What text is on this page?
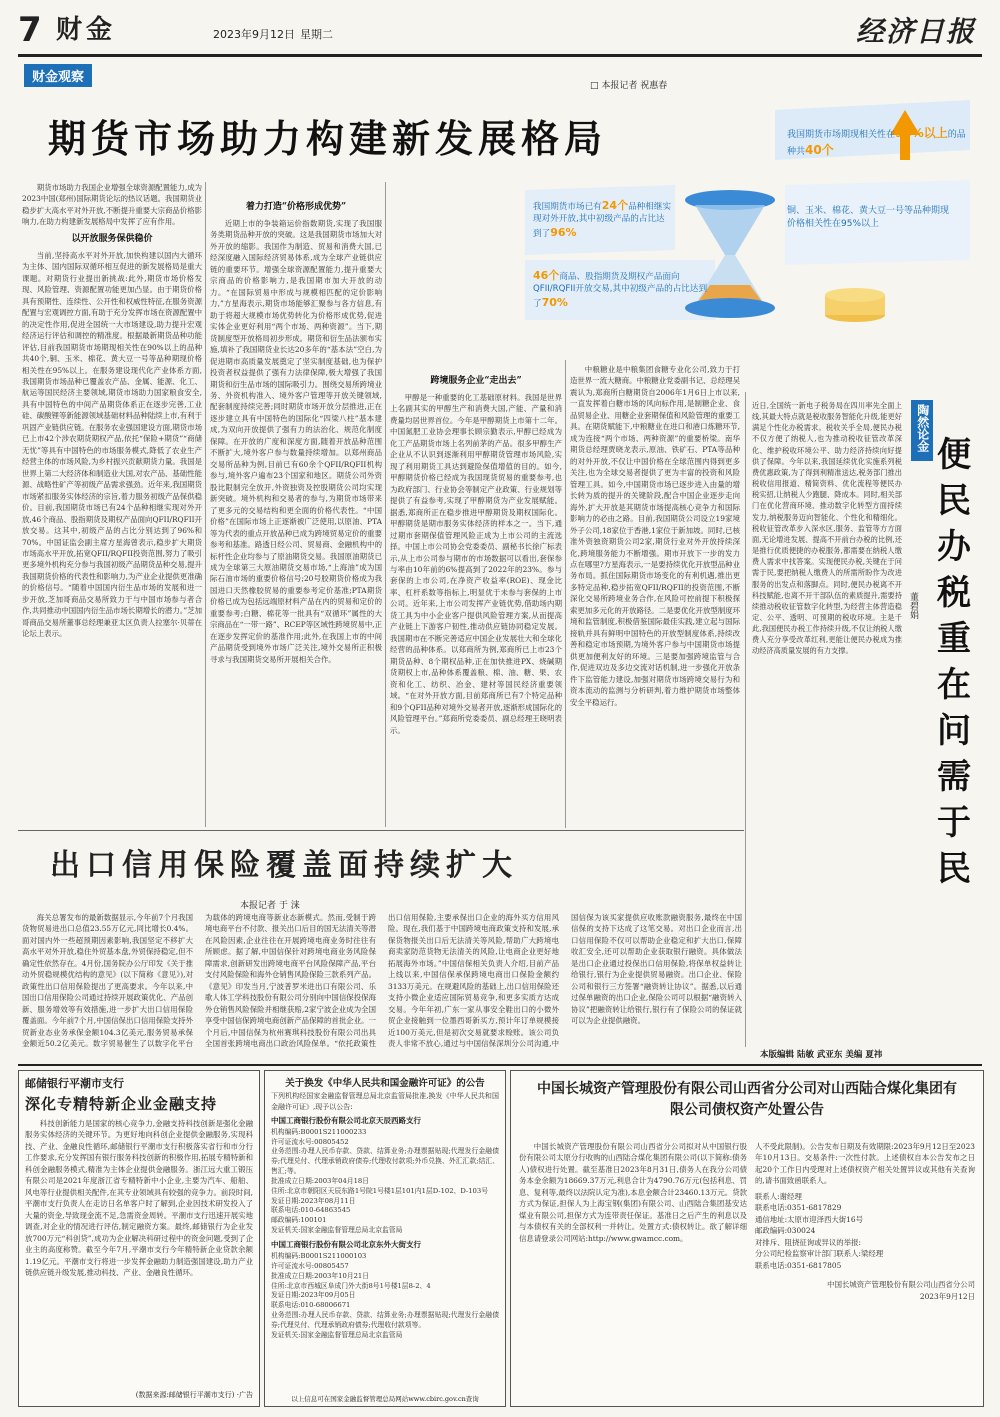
7 财金	2023年9月12日 星期二	经济日报
财金观察
□ 本报记者 祝惠春
期货市场助力构建新发展格局	我国期货市场期现相关性在90%以上的品种共40个
铜、玉米、棉花、黄大豆一号等品种期现价格相关性在95%以上
我国期货市场已有24个品种相继实现对外开放,其中初级产品的占比达到了96%
46个商品、股指期货及期权产品面向QFII/RQFII开放交易,其中初级产品的占比达到了70%

期货市场助力我国企业增强全球资源配置能力,成为2023中国(郑州)国际期货论坛的热议话题。我国期货业稳步扩大高水平对外开放,不断提升重要大宗商品价格影响力,在助力构建新发展格局中发挥了应有作用。

以开放服务保供稳价

当前,坚持高水平对外开放,加快构建以国内大循环为主体、国内国际双循环相互促进的新发展格局是重大课题。对期货行业提出新挑战:此外,期货市场价格发现、风险管理、资源配置功能更加凸显。由于期货价格具有预期性、连续性、公开性和权威性特征,在服务资源配置与宏观调控方面,有助于充分发挥市场在资源配置中的决定性作用,促进全国统一大市场建设,助力提升宏观经济运行评估和调控的精准度。根据最新期货品种功能评估,目前我国期货市场期现相关性在90%以上的品种共40个,铜、玉米、棉花、黄大豆一号等品种期现价格相关性在95%以上。在服务建设现代化产业体系方面,我国期货市场品种已覆盖农产品、金属、能源、化工、航运等国民经济主要领域,期货市场助力国家粮食安全,具有中国特色的中间产品期货体系正在逐步完善,工业硅、碳酸锂等新能源领域基础材料品种陆续上市,有利于巩固产业链供应链。在服务农业强国建设方面,期货市场已上市42个涉农期货期权产品,依托“保险+期货”“商储无忧”等具有中国特色的市场服务模式,降低了农业生产经营主体的市场风险,为乡村振兴贡献期货力量。我国是世界上第二大经济体和制造业大国,对农产品、基础性能源、战略性矿产等初级产品需求强劲。近年来,我国期货市场紧扣服务实体经济的宗旨,着力服务初级产品保供稳价。目前,我国期货市场已有24个品种相继实现对外开放,46个商品、股指期货及期权产品面向QFII/RQFII开放交易。这其中,初级产品的占比分别达到了96%和70%。中国证监会副主席方星海曾表示,稳步扩大期货市场高水平开放,拓宽QFII/RQFII投资范围,努力了吸引更多境外机构充分参与我国初级产品期货品种交易,提升我国期货价格的代表性和影响力,为产业企业提供更准确的价格信号。“随着中国国内衍生品市场的发展和进一步开放,芝加哥商品交易所致力于与中国市场参与者合作,共同推动中国国内衍生品市场长期增长的潜力。”芝加哥商品交易所董事总经理兼亚太区负责人拉塞尔·贝蒂在论坛上表示。

着力打造“价格形成优势”

近期上市的争装箱运价指数期货,实现了我国服务类期货品种开放的突破。这是我国期货市场加大对外开放的缩影。我国作为制造、贸易和消费大国,已经深度融入国际经济贸易体系,成为全球产业链供应链的重要环节。增强全球资源配置能力,提升重要大宗商品的价格影响力,是我国期市加大开放的动力。“在国际贸易中形成与规模相匹配的定价影响力,”方星海表示,期货市场能够汇聚参与各方信息,有助于将超大规模市场优势转化为价格形成优势,促进实体企业更好利用“两个市场、两种资源”。当下,期货制度型开放格局初步形成。期货和衍生品法颁布实施,填补了我国期货业长达20多年的“基本法”空白,为促进期市高质量发展奠定了坚实制度基础,也为保护投资者权益提供了强有力法律保障,极大增强了我国期货和衍生品市场的国际吸引力。围绕交易所跨境业务、外资机构准入、境外客户管理等开放关键领域,配套制度持续完善;同时期货市场开放分层推进,正在逐步建立具有中国特色的国际化“四梁八柱”基本建成,为双向开放提供了强有力的法治化、规范化制度保障。在开放的广度和深度方面,随着开放品种范围不断扩大,境外客户参与数量持续增加。以郑州商品交易所品种为例,目前已有60余个QFII/RQFII机构参与,境外客户遍布23个国家和地区。期货公司外资股比限制完全放开,外资独资及控股期货公司均实现新突破。境外机构和交易者的参与,为期货市场带来了更多元的交易结构和更全面的价格代表性。“中国价格”在国际市场上正逐渐被广泛使用,以原油、PTA等为代表的重点开放品种已成为跨境贸易定价的重要参考和基准。路透日经公司、贸易商、金融机构中的标杆性企业均参与了原油期货交易。我国原油期货已成为全球第三大原油期货交易市场,“上海油”成为国际石油市场的重要价格信号;20号胶期货价格成为我国进口天然橡胶贸易的重要参考定价基准;PTA期货价格已成为包括远端原材料产品在内的贸易和定价的重要参考;白糖、棉花等一批具有“双循环”属性的大宗商品在“一带一路”、RCEP等区域性跨境贸易中,正在逐步发挥定价的基准作用;此外,在我国上市的中间产品期货受到境外市场广泛关注,境外交易所正积极寻求与我国期货交易所开展相关合作。

跨境服务企业“走出去”

甲醇是一种重要的化工基础原材料。我国是世界上名副其实的甲醇生产和消费大国,产能、产量和消费量均居世界首位。今年是甲醇期货上市第十二年。中国氮肥工业协会理事长顾宗勤表示,甲醇已经成为化工产品期货市场上名列前茅的产品。很多甲醇生产企业从不认识到逐渐利用甲醇期货管理市场风险,实现了利用期货工具达到避险保值增值的目的。如今,甲醇期货价格已经成为我国现货贸易的重要参考,也为政府部门、行业协会等制定产业政策、行业规划等提供了有益参考,实现了甲醇期货为产业发展赋能。据悉,郑商所正在稳步推进甲醇期货及期权国际化。甲醇期货是期市服务实体经济的样本之一。当下,通过期市套期保值管理风险正成为上市公司的主流选择。中国上市公司协会党委委员、副秘书长徐广标表示,从上市公司参与期市的市场数据可以看出,套保参与率由10年前的6%提高到了2022年的23%。参与套保的上市公司,在净资产收益率(ROE)、现金比率、杠杆系数等指标上,明显优于未参与套保的上市公司。近年来,上市公司发挥产业链优势,借助场内期货工具为中小企业客户提供风险管理方案,从而提高产业链上下游客户韧性,推动供应链协同稳定发展。我国期市在不断完善适应中国企业发展壮大和全球化经营的品种体系。以郑商所为例,郑商所已上市23个期货品种、8个期权品种,正在加快推进PX、烧碱期货期权上市,品种体系覆盖粮、棉、油、糖、果、农资和化工、纺织、冶金、建材等国民经济重要领域。“在对外开放方面,目前郑商所已有7个特定品种和9个QFII品种对境外交易者开放,逐渐形成国际化的风险管理平台。”郑商所党委委员、副总经理王晓明表示。

中粮糖业是中粮集团食糖专业化公司,致力于打造世界一流大糖商。中粮糖业党委副书记、总经理吴震认为,郑商所白糖期货自2006年1月6日上市以来,一直发挥着白糖市场的风向标作用,是制糖企业、食品贸易企业、用糖企业套期保值和风险管理的重要工具。在期货赋能下,中粮糖业在进口和港口炼糖环节,成为连接“两个市场、两种资源”的重要桥梁。南华期货总经理贾晓龙表示,原油、铁矿石、PTA等品种的对外开放,不仅让中国价格在全球范围内得到更多关注,也为全球交易者提供了更为丰富的投资和风险管理工具。如今,中国期货市场已逐步进入由量的增长转为质的提升的关键阶段,配合中国企业逐步走向海外,扩大开放是其期货市场提高核心竞争力和国际影响力的必由之路。目前,我国期货公司设立19家境外子公司,18家位于香港,1家位于新加坡。同时,已核准外资独资期货公司2家,期货行业对外开放持续深化,跨境服务能力不断增强。期市开放下一步的发力点在哪里?方星海表示,一是要持续优化开放型品种业务布局。抓住国际期货市场变化的有利机遇,推出更多特定品种,稳步拓宽QFII/RQFII的投资范围,不断深化交易所跨境业务合作,在风险可控前提下积极探索更加多元化的开放路径。二是要优化开放型制度环境和监管制度,积极借鉴国际最佳实践,建立起与国际接轨并具有鲜明中国特色的开放型制度体系,持续改善和稳定市场预期,为境外客户参与中国期货市场提供更加便利友好的环境。三是要加强跨境监管与合作,促进双边及多边交流对话机制,进一步强化开放条件下监管能力建设,加强对期货市场跨境交易行为和资本流动的监测与分析研判,着力维护期货市场整体安全平稳运行。

近日,全国统一新电子税务局在四川率先全面上线,其最大特点就是税收服务智能化升级,能更好满足个性化办税需求。税收关乎全局,便民办税不仅方便了纳税人,也为推动税收征管改革深化、维护税收环境公平、助力经济持续向好提供了保障。今年以来,我国延续优化实施系列税费优惠政策,为了得到利精准送达,税务部门推出税收信用报道、精简资料、优化流程等便民办税实招,让纳税人少跑腿、降成本。同时,相关部门在优化营商环境、推动数字化转型方面持续发力,纳税服务迈向智能化、个性化和精细化。税收征管改革步入深水区,服务、监管等方方面面,无论增进发展、提高不开前台办税的比例,还是推行优质便捷的办税服务,都需要在纳税人缴费人需求中找答案。实现便民办税,关键在于问需于民,要把纳税人缴费人的所需所盼作为改进服务的出发点和落脚点。同时,便民办税离不开科技赋能,也离不开干部队伍的素质提升,需要持续推动税收征管数字化转型,为经营主体营造稳定、公平、透明、可预期的税收环境。主是千此,我国便民办税工作持续升级,不仅让纳税人缴费人充分享受改革红利,更能让便民办税成为推动经济高质量发展的有力支撑。
陶然论金
便
民
办
税
重
在
问
需
于
民
董碧娟
本版编辑 陆敏 武亚东 美编 夏祎
出口信用保险覆盖面持续扩大
本报记者 于 涞
海关总署发布的最新数据显示,今年前7个月我国货物贸易进出口总值23.55万亿元,同比增长0.4%。面对国内外一些超预期因素影响,我国坚定不移扩大高水平对外开放,稳住外贸基本盘,外贸保持稳定,但不确定性依然存在。4月份,国务院办公厅印发《关于推动外贸稳规模优结构的意见》(以下简称《意见》),对政策性出口信用保险提出了更高要求。今年以来,中国出口信用保险公司通过持续开展政策优化、产品创新、服务增效等有效措施,进一步扩大出口信用保险覆盖面。今年前7个月,中国信保出口信用保险支持外贸新业态业务承保金额104.3亿美元,服务贸易承保金额近50.2亿美元。数字贸易催生了以数字化平台为载体的跨境电商等新业态新模式。然而,受制于跨境电商平台不付款、报关出口后目的国无法清关等潜在风险因素,企业往往在开展跨境电商业务时往往有所顾虑。据了解,中国信保针对跨境电商业务风险保障需求,创新研发出跨境电商平台风险保障产品,平台支付风险保险和海外仓销售风险保险三款系列产品。《意见》印发当月,宁波普罗米进出口有限公司、乐歌人体工学科技股份有限公司分别向中国信保投保海外仓销售风险保险并相继获赔,2家宁波企业成为全国享受中国信保跨境电商创新产品保障的首批企业。一个月后,中国信保为杭州赛琪科技股份有限公司出具全国首张跨境电商出口政治风险保单。“依托政策性出口信用保险,主要承保出口企业的海外买方信用风险。现在,我们基于中国跨境电商政策支持和发展,承保货物报关出口后无法清关等风险,帮助广大跨境电商卖家防范货物无法清关的风险,让电商企业更好地拓展海外市场。”中国信保相关负责人介绍,目前产品上线以来,中国信保承保跨境电商出口保险金额约3133万美元。在规避风险的基础上,出口信用保险还支持小微企业适应国际贸易竞争,和更多实质方达成交易。今年年初,广东一家从事安全鞋出口的小微外贸企业接触到一位墨西哥新买方,预计年订单规模接近100万美元,但是初次交易就要求赊账。该公司负责人非常不放心,通过与中国信保深圳分公司沟通,中国信保为该买家提供应收账款融资服务,最终在中国信保的支持下达成了这笔交易。对出口企业而言,出口信用保险不仅可以帮助企业稳定和扩大出口,保障收汇安全,还可以帮助企业获取银行融资。具体做法是出口企业通过投保出口信用保险,将保单权益转让给银行,银行为企业提供贸易融资。出口企业、保险公司和银行三方签署“融资转让协议”。据悉,以后通过保单融资的出口企业,保险公司可以根据“融资转入协议”把融资转让给银行,银行有了保险公司的保证就可以为企业提供融资。
邮储银行平潮市支行
深化专精特新企业金融支持
科技创新能力是国家的核心竞争力,金融支持科技创新是强化金融服务实体经济的关键环节。为更好地向科创企业提供金融服务,实现科技、产业、金融良性循环,邮储银行平潮市支行积极落实省行和市分行工作要求,充分发挥国有银行服务科技创新的积极作用,拓展专精特新和科创金融服务模式,精准为主体企业提供金融服务。浙江远大重工锻压有限公司是2021年度浙江省专精特新中小企业,主要为汽车、船舶、风电等行业提供相关配件,在其专业领域具有较强的竞争力。前段时间,平潮市支行负责人在走访日名单客户时了解到,企业因技术研发投入了大量的资金,导致现金流不足,急需资金周转。平潮市支行迅速开展实地调查,对企业的情况进行评估,制定融资方案。最终,邮储银行为企业发放700万元“科创贷”,成功为企业解决科研过程中的资金问题,受到了企业主的高度称赞。截至今年7月,平潮市支行今年精特新企业贷款余额1.19亿元。平潮市支行将进一步发挥金融助力制造强国建设,助力产业链供应链升级发展,推动科技、产业、金融良性循环。
(数据来源:邮储银行平潮市支行) ·广告
关于换发《中华人民共和国金融许可证》的公告
下列机构经国家金融监督管理总局北京监管局批准,换发《中华人民共和国金融许可证》,现予以公告:
中国工商银行股份有限公司北京天辰西路支行
机构编码:B0001S211000233
许可证流水号:00805452
业务范围:办理人民币存款、贷款、结算业务;办理票据贴现;代理发行金融债券;代理兑付、代理承销政府债券;代理收付款项;外币兑换、外汇汇款;结汇、售汇;等。
批准成立日期:2003年04月18日
住所:北京市朝阳区天辰东路1号院1号楼1层101内1层D-102、D-103号
发证日期:2023年08月11日
联系电话:010-64863545
邮政编码:100101
发证机关:国家金融监督管理总局北京监管局
中国工商银行股份有限公司北京东外大街支行
机构编码:B0001S211000103
许可证流水号:00805457
批准成立日期:2003年10月21日
住所:北京市西城区阜成门外大街8号1号楼1层8-2、4
发证日期:2023年09月05日
联系电话:010-68006671
业务范围:办理人民币存款、贷款、结算业务;办理票据贴现;代理发行金融债券;代理兑付、代理承销政府债券;代理收付款项等。
发证机关:国家金融监督管理总局北京监管局
以上信息可在国家金融监督管理总局网站www.cbirc.gov.cn查询
中国长城资产管理股份有限公司山西省分公司对山西陆合煤化集团有限公司债权资产处置公告
中国长城资产管理股份有限公司山西省分公司拟对从中国银行股份有限公司太原分行收购的山西陆合煤化集团有限公司(以下简称:债务人)债权进行处置。截至基准日2023年8月31日,债务人在我分公司债务本金余额为18669.37万元,利息合计为4790.76万元(包括利息、罚息、复利等,最终以法院认定为准),本息金额合计23460.13万元。贷款方式为保证,担保人为上海宝钢(集团)有限公司、山西陆合集团基安达煤业有限公司,担保方式为连带责任保证。基准日之后产生的利息以及与本债权有关的全部权利一并转让。处置方式:债权转让。欲了解详细信息请登录公司网站:http://www.gwamcc.com。
人不受此限制)。公告发布日期及有效期限:2023年9月12日至2023年10月13日。交易条件:一次性付款。上述债权自本公告发布之日起20个工作日内受理对上述债权资产相关处置异议或其他有关查询的,请书面致函联系人。
联系人:谢经理
联系电话:0351-6817829
通信地址:太原市迎泽西大街16号
邮政编码:030024
对排斥、阻挠征询或异议的举报:
分公司纪检监察审计部门联系人:梁经理
联系电话:0351-6817805
中国长城资产管理股份有限公司山西省分公司
2023年9月12日
